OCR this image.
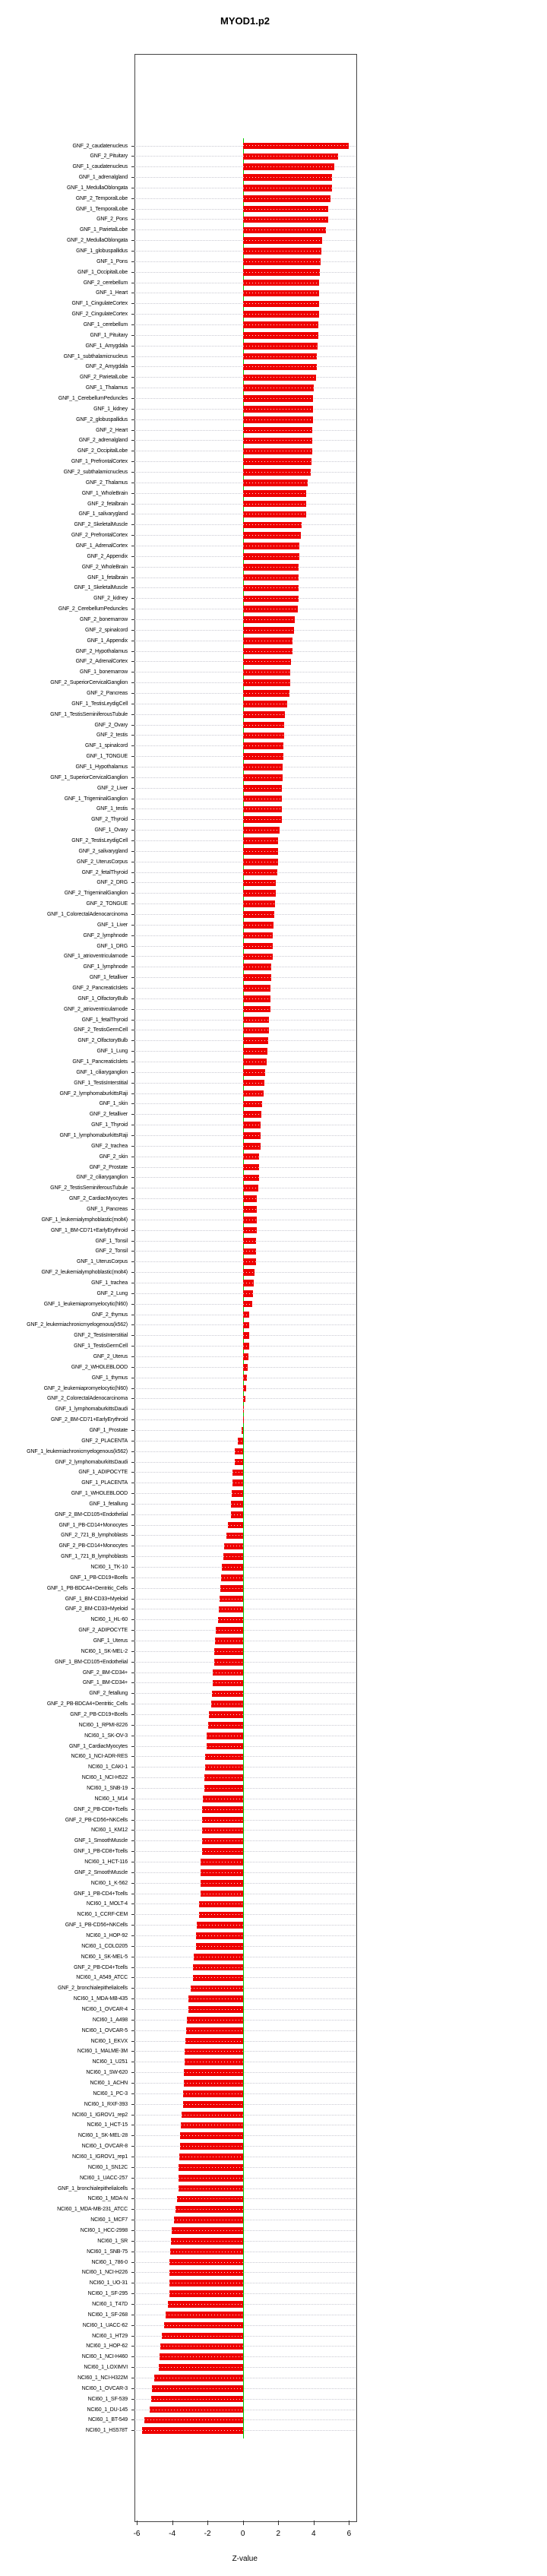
MYOD1.p2
GNF_2_caudatenucleus
GNF_2_Pituitary
GNF_1_caudatenucleus
GNF_1_adrenalgland
GNF_1_MedullaOblongata
GNF_2_TemporalLobe
GNF_1_TemporalLobe
GNF_2_Pons
GNF_1_ParietalLobe
GNF_2_MedullaOblongata
GNF_1_globuspallidus
GNF_1_Pons
GNF_1_OccipitalLobe
GNF_2_cerebellum
GNF_1_Heart
GNF_1_CingulateCortex
GNF_2_CingulateCortex
GNF_1_cerebellum
GNF_1_Pituitary
GNF_1_Amygdala
GNF_1_subthalamicnucleus
GNF_2_Amygdala
GNF_2_ParietalLobe
GNF_1_Thalamus
GNF_1_CerebellumPeduncles
GNF_1_kidney
GNF_2_globuspallidus
GNF_2_Heart
GNF_2_adrenalgland
GNF_2_OccipitalLobe
GNF_1_PrefrontalCortex
GNF_2_subthalamicnucleus
GNF_2_Thalamus
GNF_1_WholeBrain
GNF_2_fetalbrain
GNF_1_salivarygland
GNF_2_SkeletalMuscle
GNF_2_PrefrontalCortex
GNF_1_AdrenalCortex
GNF_2_Appendix
GNF_2_WholeBrain
GNF_1_fetalbrain
GNF_1_SkeletalMuscle
GNF_2_kidney
GNF_2_CerebellumPeduncles
GNF_2_bonemarrow
GNF_2_spinalcord
GNF_1_Appendix
GNF_2_Hypothalamus
GNF_2_AdrenalCortex
GNF_1_bonemarrow
GNF_2_SuperiorCervicalGanglion
GNF_2_Pancreas
GNF_1_TestisLeydigCell
GNF_1_TestisSeminiferousTubule
GNF_2_Ovary
GNF_2_testis
GNF_1_spinalcord
GNF_1_TONGUE
GNF_1_Hypothalamus
GNF_1_SuperiorCervicalGanglion
GNF_2_Liver
GNF_1_TrigeminalGanglion
GNF_1_testis
GNF_2_Thyroid
GNF_1_Ovary
GNF_2_TestisLeydigCell
GNF_2_salivarygland
GNF_2_UterusCorpus
GNF_2_fetalThyroid
GNF_2_DRG
GNF_2_TrigeminalGanglion
GNF_2_TONGUE
GNF_1_ColorectalAdenocarcinoma
GNF_1_Liver
GNF_2_lymphnode
GNF_1_DRG
GNF_1_atrioventricularnode
GNF_1_lymphnode
GNF_1_fetalliver
GNF_2_PancreaticIslets
GNF_1_OlfactoryBulb
GNF_2_atrioventricularnode
GNF_1_fetalThyroid
GNF_2_TestisGermCell
GNF_2_OlfactoryBulb
GNF_1_Lung
GNF_1_PancreaticIslets
GNF_1_ciliaryganglion
GNF_1_TestisInterstitial
GNF_2_lymphomaburkittsRaji
GNF_1_skin
GNF_2_fetalliver
GNF_1_Thyroid
GNF_1_lymphomaburkittsRaji
GNF_2_trachea
GNF_2_skin
GNF_2_Prostate
GNF_2_ciliaryganglion
GNF_2_TestisSeminiferousTubule
GNF_2_CardiacMyocytes
GNF_1_Pancreas
GNF_1_leukemialymphoblastic(molt4)
GNF_1_BM-CD71+EarlyErythroid
GNF_1_Tonsil
GNF_2_Tonsil
GNF_1_UterusCorpus
GNF_2_leukemialymphoblastic(molt4)
GNF_1_trachea
GNF_2_Lung
GNF_1_leukemiapromyelocytic(hl60)
GNF_2_thymus
GNF_2_leukemiachronicmyelogenous(k562)
GNF_2_TestisInterstitial
GNF_1_TestisGermCell
GNF_2_Uterus
GNF_2_WHOLEBLOOD
GNF_1_thymus
GNF_2_leukemiapromyelocytic(hl60)
GNF_2_ColorectalAdenocarcinoma
GNF_1_lymphomaburkittsDaudi
GNF_2_BM-CD71+EarlyErythroid
GNF_1_Prostate
GNF_2_PLACENTA
GNF_1_leukemiachronicmyelogenous(k562)
GNF_2_lymphomaburkittsDaudi
GNF_1_ADIPOCYTE
GNF_1_PLACENTA
GNF_1_WHOLEBLOOD
GNF_1_fetallung
GNF_2_BM-CD105+Endothelial
GNF_1_PB-CD14+Monocytes
GNF_2_721_B_lymphoblasts
GNF_2_PB-CD14+Monocytes
GNF_1_721_B_lymphoblasts
NCI60_1_TK-10
GNF_1_PB-CD19+Bcells
GNF_1_PB-BDCA4+Dentritic_Cells
GNF_1_BM-CD33+Myeloid
GNF_2_BM-CD33+Myeloid
NCI60_1_HL-60
GNF_2_ADIPOCYTE
GNF_1_Uterus
NCI60_1_SK-MEL-2
GNF_1_BM-CD105+Endothelial
GNF_2_BM-CD34+
GNF_1_BM-CD34+
GNF_2_fetallung
GNF_2_PB-BDCA4+Dentritic_Cells
GNF_2_PB-CD19+Bcells
NCI60_1_RPMI-8226
NCI60_1_SK-OV-3
GNF_1_CardiacMyocytes
NCI60_1_NCI-ADR-RES
NCI60_1_CAKI-1
NCI60_1_NCI-H522
NCI60_1_SNB-19
NCI60_1_M14
GNF_2_PB-CD8+Tcells
GNF_2_PB-CD56+NKCells
NCI60_1_KM12
GNF_1_SmoothMuscle
GNF_1_PB-CD8+Tcells
NCI60_1_HCT-116
GNF_2_SmoothMuscle
NCI60_1_K-562
GNF_1_PB-CD4+Tcells
NCI60_1_MOLT-4
NCI60_1_CCRF-CEM
GNF_1_PB-CD56+NKCells
NCI60_1_HOP-92
NCI60_1_COLO205
NCI60_1_SK-MEL-5
GNF_2_PB-CD4+Tcells
NCI60_1_A549_ATCC
GNF_2_bronchialepithelialcells
NCI60_1_MDA-MB-435
NCI60_1_OVCAR-4
NCI60_1_A498
NCI60_1_OVCAR-5
NCI60_1_EKVX
NCI60_1_MALME-3M
NCI60_1_U251
NCI60_1_SW-620
NCI60_1_ACHN
NCI60_1_PC-3
NCI60_1_RXF-393
NCI60_1_IGROV1_rep2
NCI60_1_HCT-15
NCI60_1_SK-MEL-28
NCI60_1_OVCAR-8
NCI60_1_IGROV1_rep1
NCI60_1_SN12C
NCI60_1_UACC-257
GNF_1_bronchialepithelialcells
NCI60_1_MDA-N
NCI60_1_MDA-MB-231_ATCC
NCI60_1_MCF7
NCI60_1_HCC-2998
NCI60_1_SR
NCI60_1_SNB-75
NCI60_1_786-0
NCI60_1_NCI-H226
NCI60_1_UO-31
NCI60_1_SF-295
NCI60_1_T47D
NCI60_1_SF-268
NCI60_1_UACC-62
NCI60_1_HT29
NCI60_1_HOP-62
NCI60_1_NCI-H460
NCI60_1_LOXIMVI
NCI60_1_NCI-H322M
NCI60_1_OVCAR-3
NCI60_1_SF-539
NCI60_1_DU-145
NCI60_1_BT-549
NCI60_1_HS578T
-6	-4	-2	0	2	4	6
Z-value
